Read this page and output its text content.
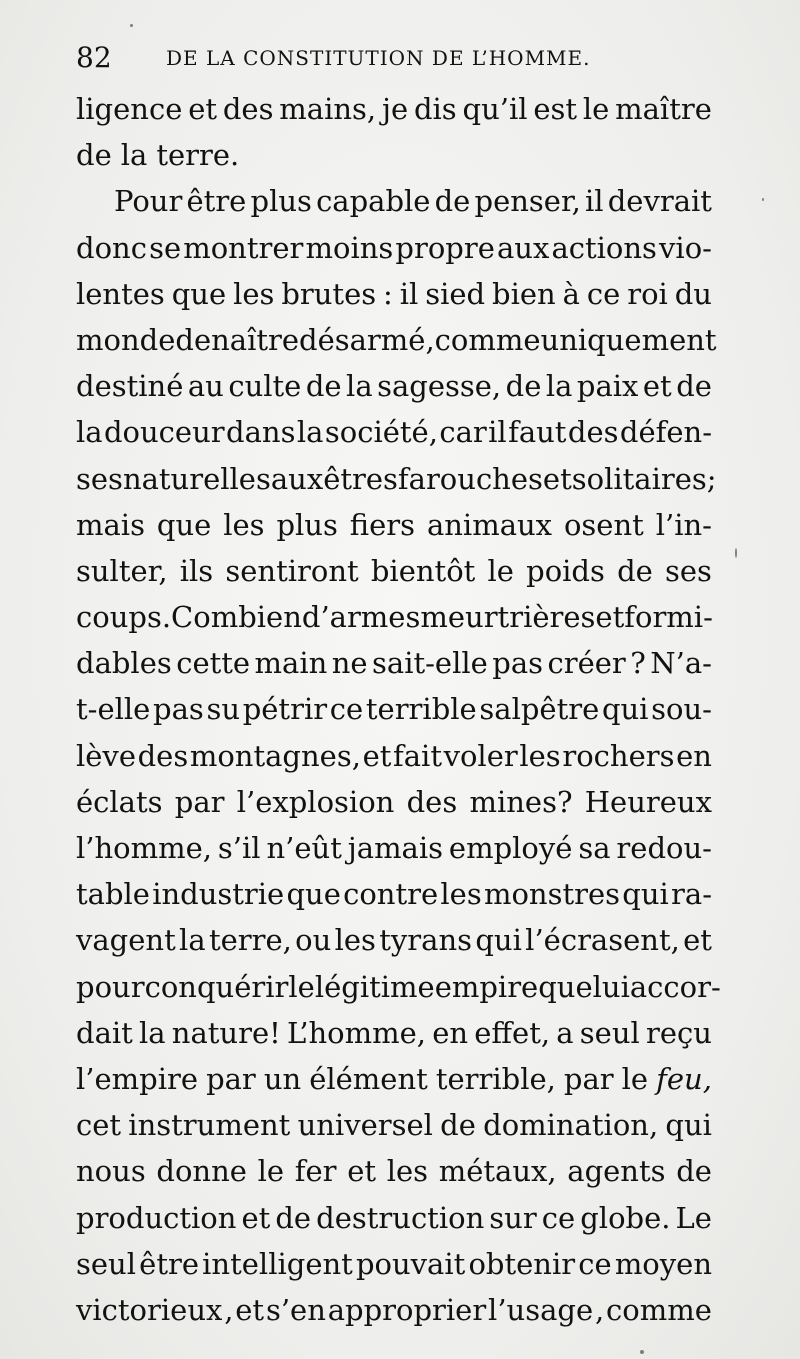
82	DE LA CONSTITUTION DE L’HOMME.
ligence et des mains, je dis qu’il est le maître
de la terre.
Pour être plus capable de penser, il devrait
donc se montrer moins propre aux actions vio-
lentes que les brutes : il sied bien à ce roi du
monde de naître désarmé, comme uniquement
destiné au culte de la sagesse, de la paix et de
la douceur dans la société, car il faut des défen-
ses naturelles aux êtres farouches et solitaires ;
mais que les plus fiers animaux osent l’in-
sulter, ils sentiront bientôt le poids de ses
coups. Combien d’armes meurtrières et formi-
dables cette main ne sait-elle pas créer ? N’a-
t-elle pas su pétrir ce terrible salpêtre qui sou-
lève des montagnes, et fait voler les rochers en
éclats par l’explosion des mines? Heureux
l’homme, s’il n’eût jamais employé sa redou-
table industrie que contre les monstres qui ra-
vagent la terre, ou les tyrans qui l’écrasent, et
pour conquérir le légitime empire que lui accor-
dait la nature! L’homme, en effet, a seul reçu
l’empire par un élément terrible, par le feu,
cet instrument universel de domination, qui
nous donne le fer et les métaux, agents de
production et de destruction sur ce globe. Le
seul être intelligent pouvait obtenir ce moyen
victorieux , et s’en approprier l’usage , comme
